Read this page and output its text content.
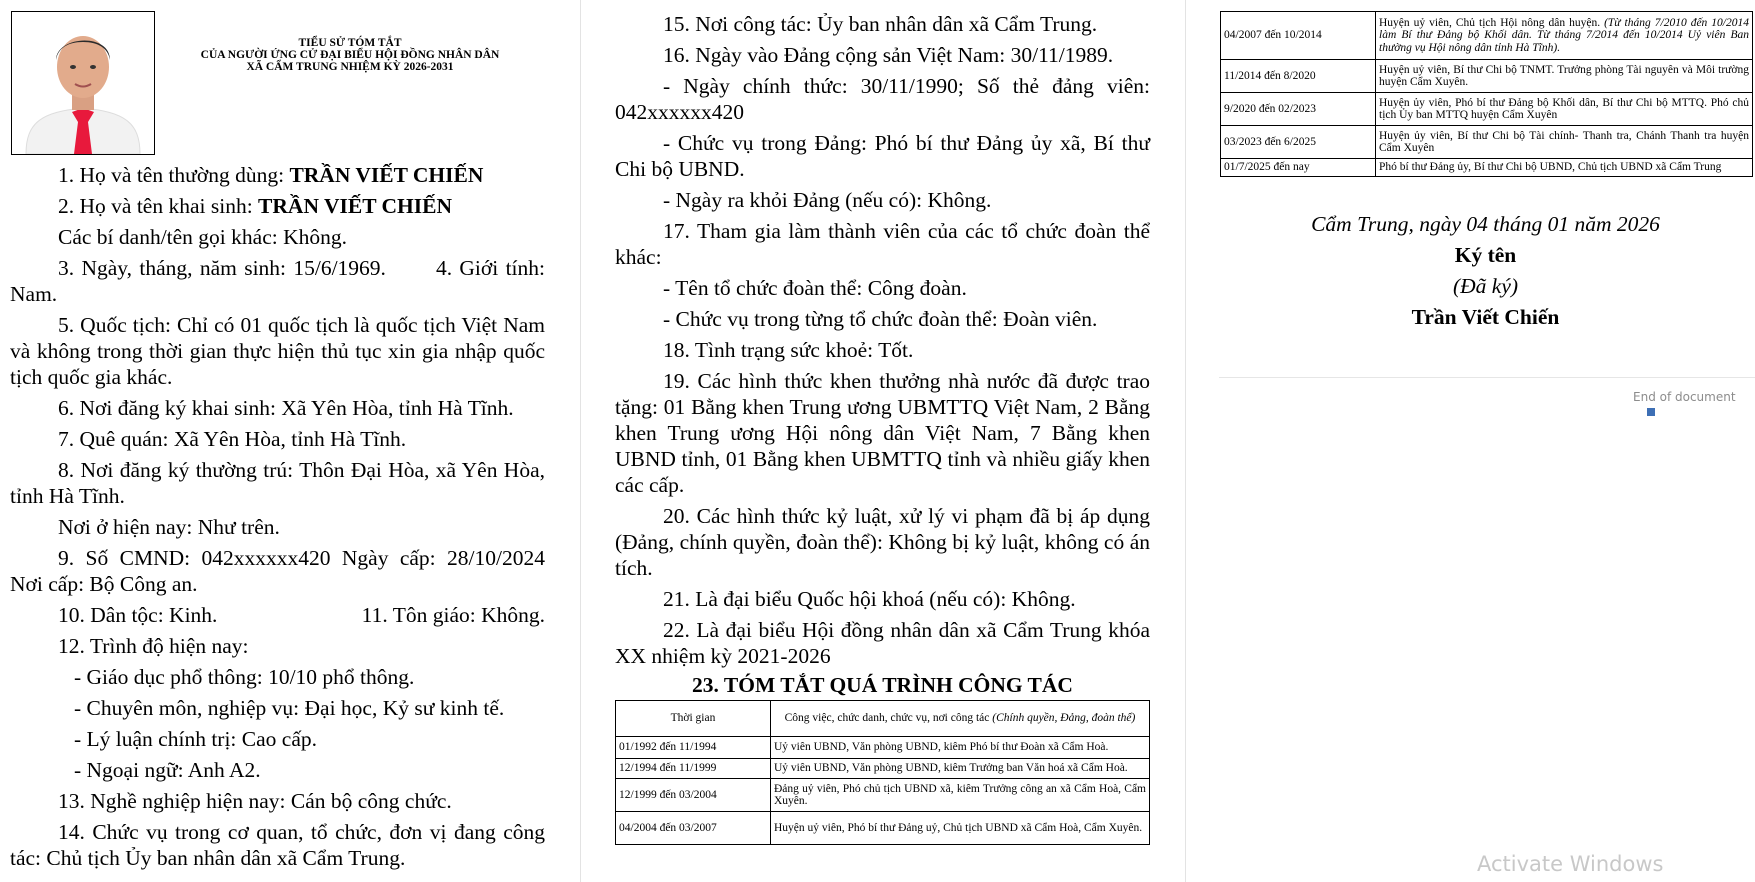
TIỂU SỬ TÓM TẮT
CỦA NGƯỜI ỨNG CỬ ĐẠI BIỂU HỘI ĐỒNG NHÂN DÂN
XÃ CẨM TRUNG NHIỆM KỲ 2026-2031

1. Họ và tên thường dùng: TRẦN VIẾT CHIẾN

2. Họ và tên khai sinh: TRẦN VIẾT CHIẾN

Các bí danh/tên gọi khác: Không.

3. Ngày, tháng, năm sinh: 15/6/1969. 4. Giới tính: Nam.

5. Quốc tịch: Chỉ có 01 quốc tịch là quốc tịch Việt Nam và không trong thời gian thực hiện thủ tục xin gia nhập quốc tịch quốc gia khác.

6. Nơi đăng ký khai sinh: Xã Yên Hòa, tỉnh Hà Tĩnh.

7. Quê quán: Xã Yên Hòa, tỉnh Hà Tĩnh.

8. Nơi đăng ký thường trú: Thôn Đại Hòa, xã Yên Hòa, tỉnh Hà Tĩnh.

Nơi ở hiện nay: Như trên.

9. Số CMND: 042xxxxxx420 Ngày cấp: 28/10/2024 Nơi cấp: Bộ Công an.

10. Dân tộc: Kinh.	11. Tôn giáo: Không.

12. Trình độ hiện nay:

- Giáo dục phổ thông: 10/10 phổ thông.

- Chuyên môn, nghiệp vụ: Đại học, Kỷ sư kinh tế.

- Lý luận chính trị: Cao cấp.

- Ngoại ngữ: Anh A2.

13. Nghề nghiệp hiện nay: Cán bộ công chức.

14. Chức vụ trong cơ quan, tổ chức, đơn vị đang công tác: Chủ tịch Ủy ban nhân dân xã Cẩm Trung.

15. Nơi công tác: Ủy ban nhân dân xã Cẩm Trung.

16. Ngày vào Đảng cộng sản Việt Nam: 30/11/1989.

- Ngày chính thức: 30/11/1990; Số thẻ đảng viên: 042xxxxxx420

- Chức vụ trong Đảng: Phó bí thư Đảng ủy xã, Bí thư Chi bộ UBND.

- Ngày ra khỏi Đảng (nếu có): Không.

17. Tham gia làm thành viên của các tổ chức đoàn thể khác:

- Tên tổ chức đoàn thể: Công đoàn.

- Chức vụ trong từng tổ chức đoàn thể: Đoàn viên.

18. Tình trạng sức khoẻ: Tốt.

19. Các hình thức khen thưởng nhà nước đã được trao tặng: 01 Bằng khen Trung ương UBMTTQ Việt Nam, 2 Bằng khen Trung ương Hội nông dân Việt Nam, 7 Bằng khen UBND tỉnh, 01 Bằng khen UBMTTQ tỉnh và nhiều giấy khen các cấp.

20. Các hình thức kỷ luật, xử lý vi phạm đã bị áp dụng (Đảng, chính quyền, đoàn thể): Không bị kỷ luật, không có án tích.

21. Là đại biểu Quốc hội khoá (nếu có): Không.

22. Là đại biểu Hội đồng nhân dân xã Cẩm Trung khóa XX nhiệm kỳ 2021-2026

23. TÓM TẮT QUÁ TRÌNH CÔNG TÁC

Thời gian	Công việc, chức danh, chức vụ, nơi công tác (Chính quyền, Đảng, đoàn thể)
01/1992 đến 11/1994	Uỷ viên UBND, Văn phòng UBND, kiêm Phó bí thư Đoàn xã Cẩm Hoà.
12/1994 đến 11/1999	Uỷ viên UBND, Văn phòng UBND, kiêm Trưởng ban Văn hoá xã Cẩm Hoà.
12/1999 đến 03/2004	Đảng uỷ viên, Phó chủ tịch UBND xã, kiêm Trưởng công an xã Cẩm Hoà, Cẩm Xuyên.
04/2004 đến 03/2007	Huyện uỷ viên, Phó bí thư Đảng uỷ, Chủ tịch UBND xã Cẩm Hoà, Cẩm Xuyên.
04/2007 đến 10/2014	Huyện uỷ viên, Chủ tịch Hội nông dân huyện. (Từ tháng 7/2010 đến 10/2014 làm Bí thư Đảng bộ Khối dân. Từ tháng 7/2014 đến 10/2014 Uỷ viên Ban thường vụ Hội nông dân tỉnh Hà Tĩnh).
11/2014 đến 8/2020	Huyện uỷ viên, Bí thư Chi bộ TNMT. Trưởng phòng Tài nguyên và Môi trường huyện Cẩm Xuyên.
9/2020 đến 02/2023	Huyện ủy viên, Phó bí thư Đảng bộ Khối dân, Bí thư Chi bộ MTTQ. Phó chủ tịch Ủy ban MTTQ huyện Cẩm Xuyên
03/2023 đến 6/2025	Huyện ủy viên, Bí thư Chi bộ Tài chính- Thanh tra, Chánh Thanh tra huyện Cẩm Xuyên
01/7/2025 đến nay	Phó bí thư Đảng ủy, Bí thư Chi bộ UBND, Chủ tịch UBND xã Cẩm Trung
Cẩm Trung, ngày 04 tháng 01 năm 2026
Ký tên
(Đã ký)
Trần Viết Chiến
End of document
Activate Windows
